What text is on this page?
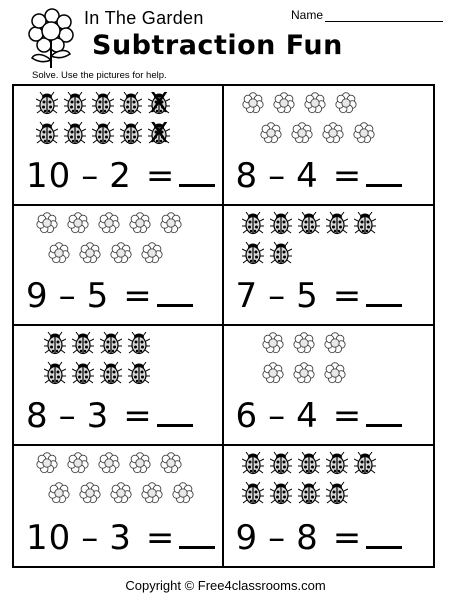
In The Garden	Name
Subtraction Fun
Solve. Use the pictures for help.
X
X
10 – 2 =	8 – 4 =
9 – 5 =	7 – 5 =
8 – 3 =	6 – 4 =
10 – 3 =	9 – 8 =
Copyright © Free4classrooms.com
